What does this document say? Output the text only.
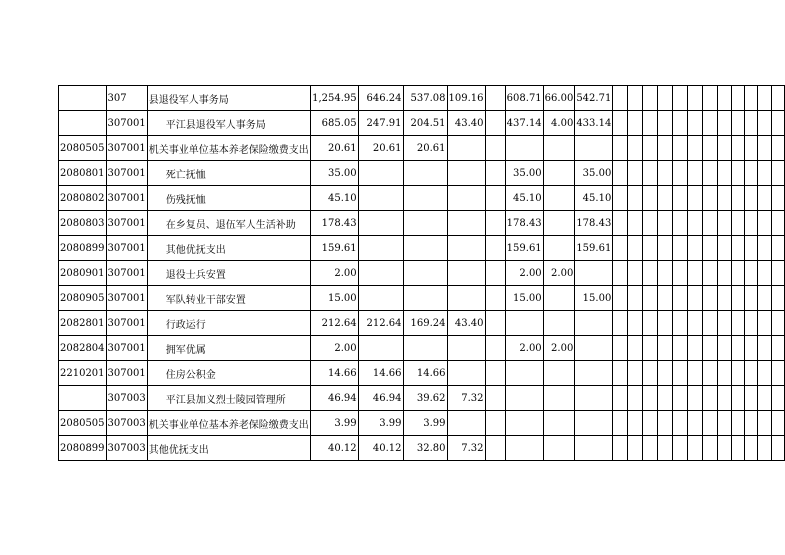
	307	县退役军人事务局	1,254.95	646.24	537.08	109.16		608.71	66.00	542.71												
	307001	平江县退役军人事务局	685.05	247.91	204.51	43.40		437.14	4.00	433.14												
2080505	307001	机关事业单位基本养老保险缴费支出	20.61	20.61	20.61																	
2080801	307001	死亡抚恤	35.00					35.00		35.00												
2080802	307001	伤残抚恤	45.10					45.10		45.10												
2080803	307001	在乡复员、退伍军人生活补助	178.43					178.43		178.43												
2080899	307001	其他优抚支出	159.61					159.61		159.61												
2080901	307001	退役士兵安置	2.00					2.00	2.00													
2080905	307001	军队转业干部安置	15.00					15.00		15.00												
2082801	307001	行政运行	212.64	212.64	169.24	43.40																
2082804	307001	拥军优属	2.00					2.00	2.00													
2210201	307001	住房公积金	14.66	14.66	14.66																	
	307003	平江县加义烈士陵园管理所	46.94	46.94	39.62	7.32																
2080505	307003	机关事业单位基本养老保险缴费支出	3.99	3.99	3.99																	
2080899	307003	其他优抚支出	40.12	40.12	32.80	7.32																
